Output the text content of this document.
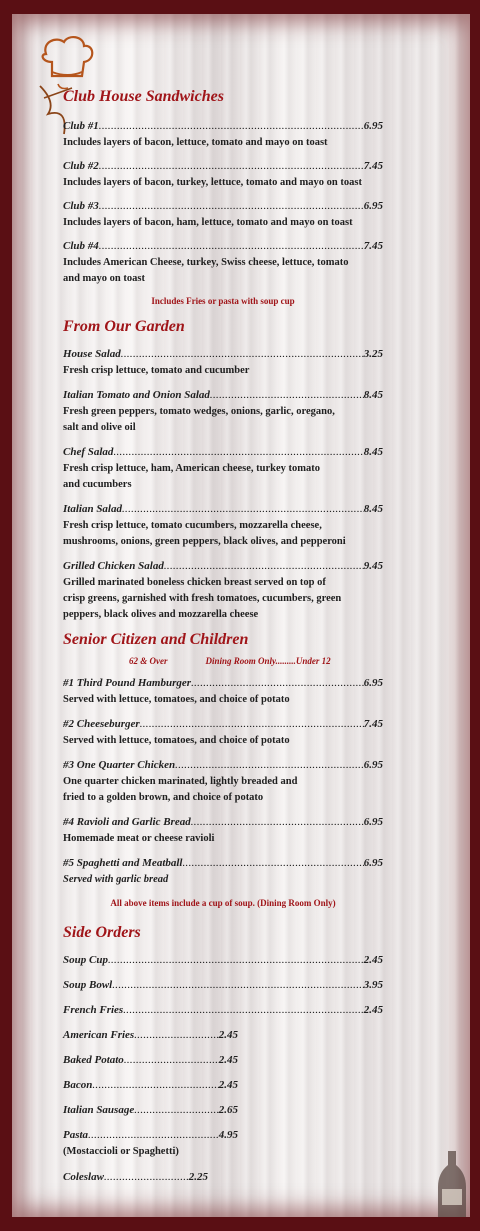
Club House Sandwiches
Club #1 .....	6.95
Includes layers of bacon, lettuce, tomato and mayo on toast
Club #2 .....	7.45
Includes layers of bacon, turkey, lettuce, tomato and mayo on toast
Club #3 .....	6.95
Includes layers of bacon, ham, lettuce, tomato and mayo on toast
Club #4 .....	7.45
Includes American Cheese, turkey, Swiss cheese, lettuce, tomato
and mayo on toast
Includes Fries or pasta with soup cup
From Our Garden
House Salad .....	3.25
Fresh crisp lettuce, tomato and cucumber
Italian Tomato and Onion Salad .....	8.45
Fresh green peppers, tomato wedges, onions, garlic, oregano,
salt and olive oil
Chef Salad .....	8.45
Fresh crisp lettuce, ham, American cheese, turkey tomato
and cucumbers
Italian Salad .....	8.45
Fresh crisp lettuce, tomato cucumbers, mozzarella cheese,
mushrooms, onions, green peppers, black olives, and pepperoni
Grilled Chicken Salad .....	9.45
Grilled marinated boneless chicken breast served on top of
crisp greens, garnished with fresh tomatoes, cucumbers, green
peppers, black olives and mozzarella cheese
Senior Citizen and Children
62 & Over	Dining Room Only.........Under 12
#1 Third Pound Hamburger .....	6.95
Served with lettuce, tomatoes, and choice of potato
#2 Cheeseburger .....	7.45
Served with lettuce, tomatoes, and choice of potato
#3 One Quarter Chicken .....	6.95
One quarter chicken marinated, lightly breaded and
fried to a golden brown, and choice of potato
#4 Ravioli and Garlic Bread .....	6.95
Homemade meat or cheese ravioli
#5 Spaghetti and Meatball .....	6.95
Served with garlic bread
All above items include a cup of soup. (Dining Room Only)
Side Orders
Soup Cup .....	2.45
Soup Bowl .....	3.95
French Fries .....	2.45
American Fries .....	2.45
Baked Potato .....	2.45
Bacon .....	2.45
Italian Sausage .....	2.65
Pasta .....	4.95
(Mostaccioli or Spaghetti)
Coleslaw .....	2.25
